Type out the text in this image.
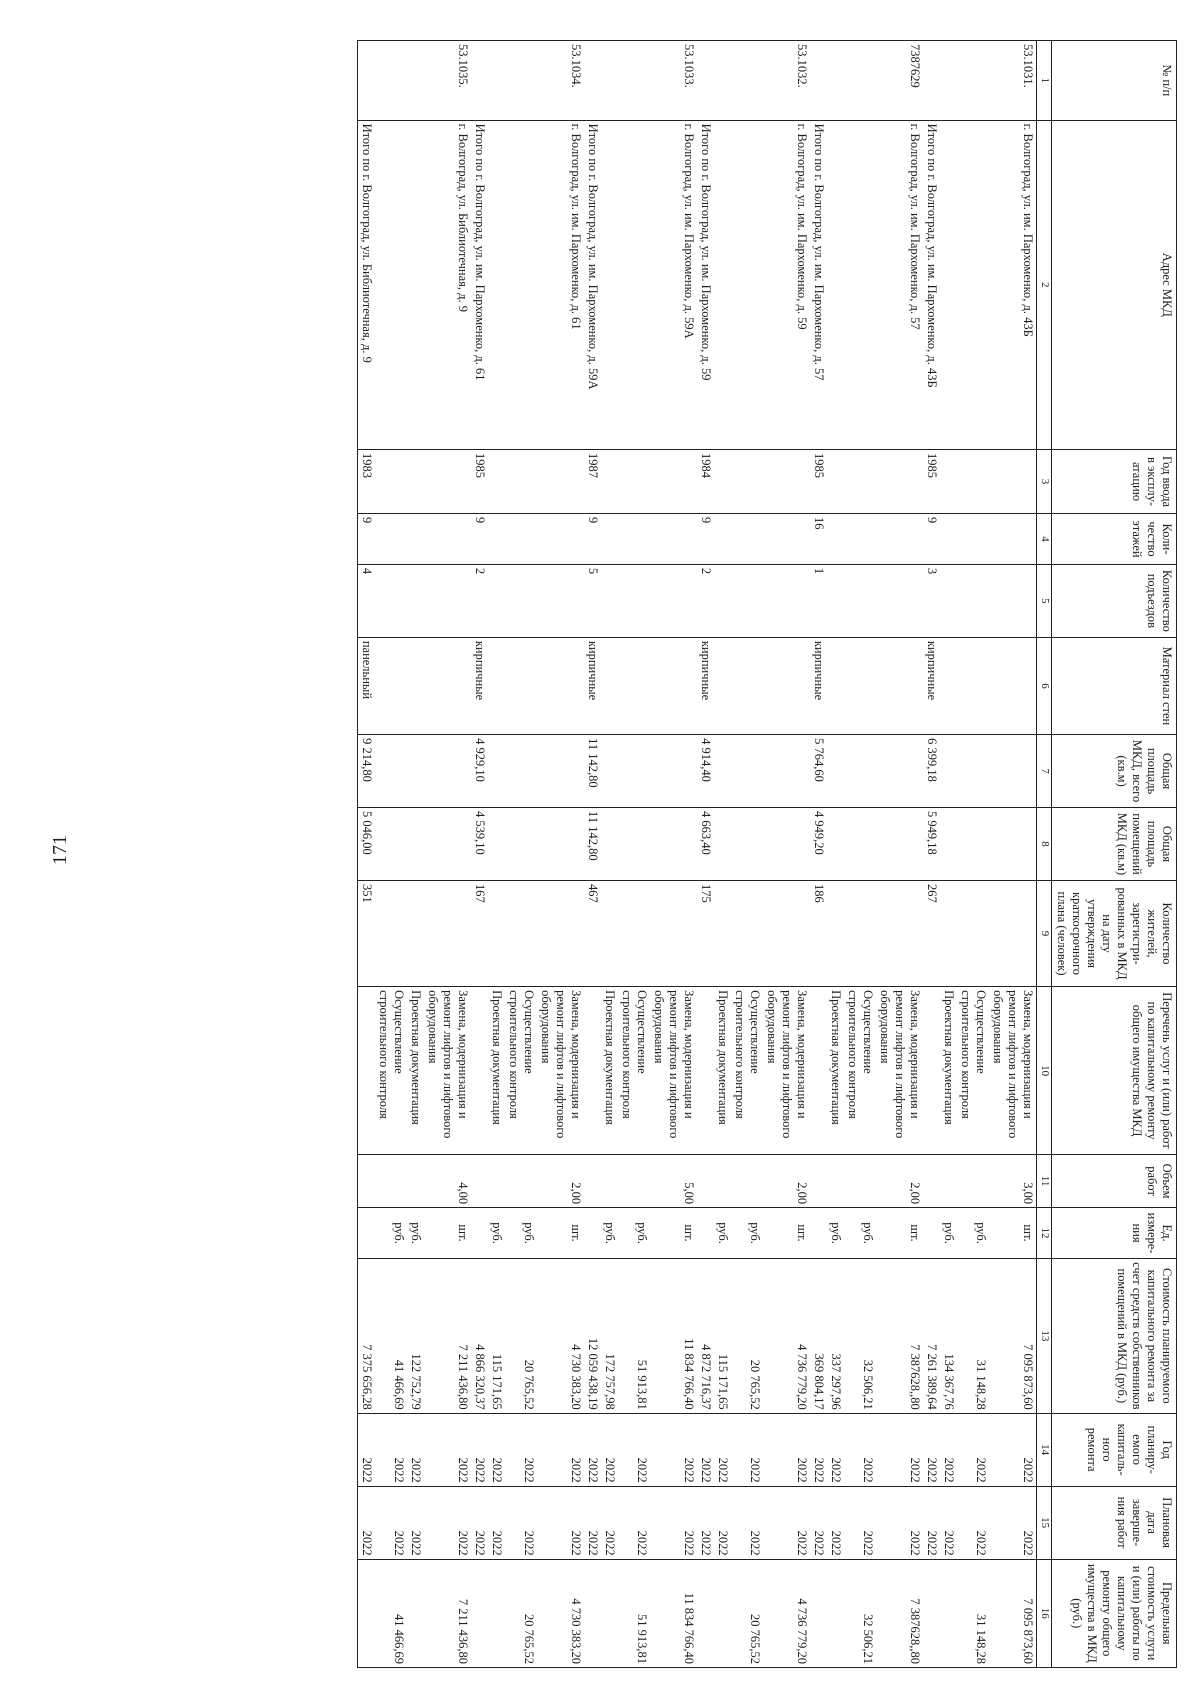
171
№ п/п	Адрес МКД	Год ввода в эксплу- атацию	Коли- чество этажей	Количество подъездов	Материал стен	Общая площадь МКД, всего (кв.м)	Общая площадь помещений МКД (кв.м)	Количество жителей, зарегистри- рованных в МКД на дату утверждения краткосрочного плана (человек)	Перечень услуг и (или) работ по капитальному ремонту общего имущества МКД	Объем работ	Ед. измере- ния	Стоимость планируемого капитального ремонта за счет средств собственников помещений в МКД (руб.)	Год планиру- емого капиталь- ного ремонта	Плановая дата заверше- ния работ	Предельная стоимость услуги и (или) работы по капитальному ремонту общего имущества в МКД (руб.)
1	2	3	4	5	6	7	8	9	10	11	12	13	14	15	16
53.1031.	г. Волгоград, ул. им. Пархоменко, д. 43Б								Замена, модернизация и ремонт лифтов и лифтового оборудования	3,00	шт.	7 095 873,60	2022	2022	7 095 873,60
									Осуществление строительного контроля		руб.	31 148,28	2022	2022	31 148,28
									Проектная документация		руб.	134 367,76	2022	2022	
	Итого по г. Волгоград, ул. им. Пархоменко, д. 43Б	1985	9	3	кирпичные	6 399,18	5 949,18	267				7 261 389,64	2022	2022	
7387629	г. Волгоград, ул. им. Пархоменко, д. 57								Замена, модернизация и ремонт лифтов и лифтового оборудования	2,00	шт.	7 387628,,80	2022	2022	7 387628,,80
									Осуществление строительного контроля		руб.	32 506,21	2022	2022	32 506,21
									Проектная документация		руб.	337 297,96	2022	2022	
	Итого по г. Волгоград, ул. им. Пархоменко, д. 57	1985	16	1	кирпичные	5 764,60	4 949,20	186				369 804,17	2022	2022	
53.1032.	г. Волгоград, ул. им. Пархоменко, д. 59								Замена, модернизация и ремонт лифтов и лифтового оборудования	2,00	шт.	4 736 779,20	2022	2022	4 736 779,20
									Осуществление строительного контроля		руб.	20 765,52	2022	2022	20 765,52
									Проектная документация		руб.	115 171,65	2022	2022	
	Итого по г. Волгоград, ул. им. Пархоменко, д. 59	1984	9	2	кирпичные	4 914,40	4 663,40	175				4 872 716,37	2022	2022	
53.1033.	г. Волгоград, ул. им. Пархоменко, д. 59А								Замена, модернизация и ремонт лифтов и лифтового оборудования	5,00	шт.	11 834 766,40	2022	2022	11 834 766,40
									Осуществление строительного контроля		руб.	51 913,81	2022	2022	51 913,81
									Проектная документация		руб.	172 757,98	2022	2022	
	Итого по г. Волгоград, ул. им. Пархоменко, д. 59А	1987	9	5	кирпичные	11 142,80	11 142,80	467				12 059 438,19	2022	2022	
53.1034.	г. Волгоград, ул. им. Пархоменко, д. 61								Замена, модернизация и ремонт лифтов и лифтового оборудования	2,00	шт.	4 730 383,20	2022	2022	4 730 383,20
									Осуществление строительного контроля		руб.	20 765,52	2022	2022	20 765,52
									Проектная документация		руб.	115 171,65	2022	2022	
	Итого по г. Волгоград, ул. им. Пархоменко, д. 61	1985	9	2	кирпичные	4 929,10	4 539,10	167				4 866 320,37	2022	2022	
53.1035.	г. Волгоград, ул. Библиотечная, д. 9								Замена, модернизация и ремонт лифтов и лифтового оборудования	4,00	шт.	7 211 436,80	2022	2022	7 211 436,80
									Проектная документация		руб.	122 752,79	2022	2022	
									Осуществление строительного контроля		руб.	41 466,69	2022	2022	41 466,69
	Итого по г. Волгоград, ул. Библиотечная, д. 9	1983	9	4	панельный	9 214,80	5 046,00	351				7 375 656,28	2022	2022	
